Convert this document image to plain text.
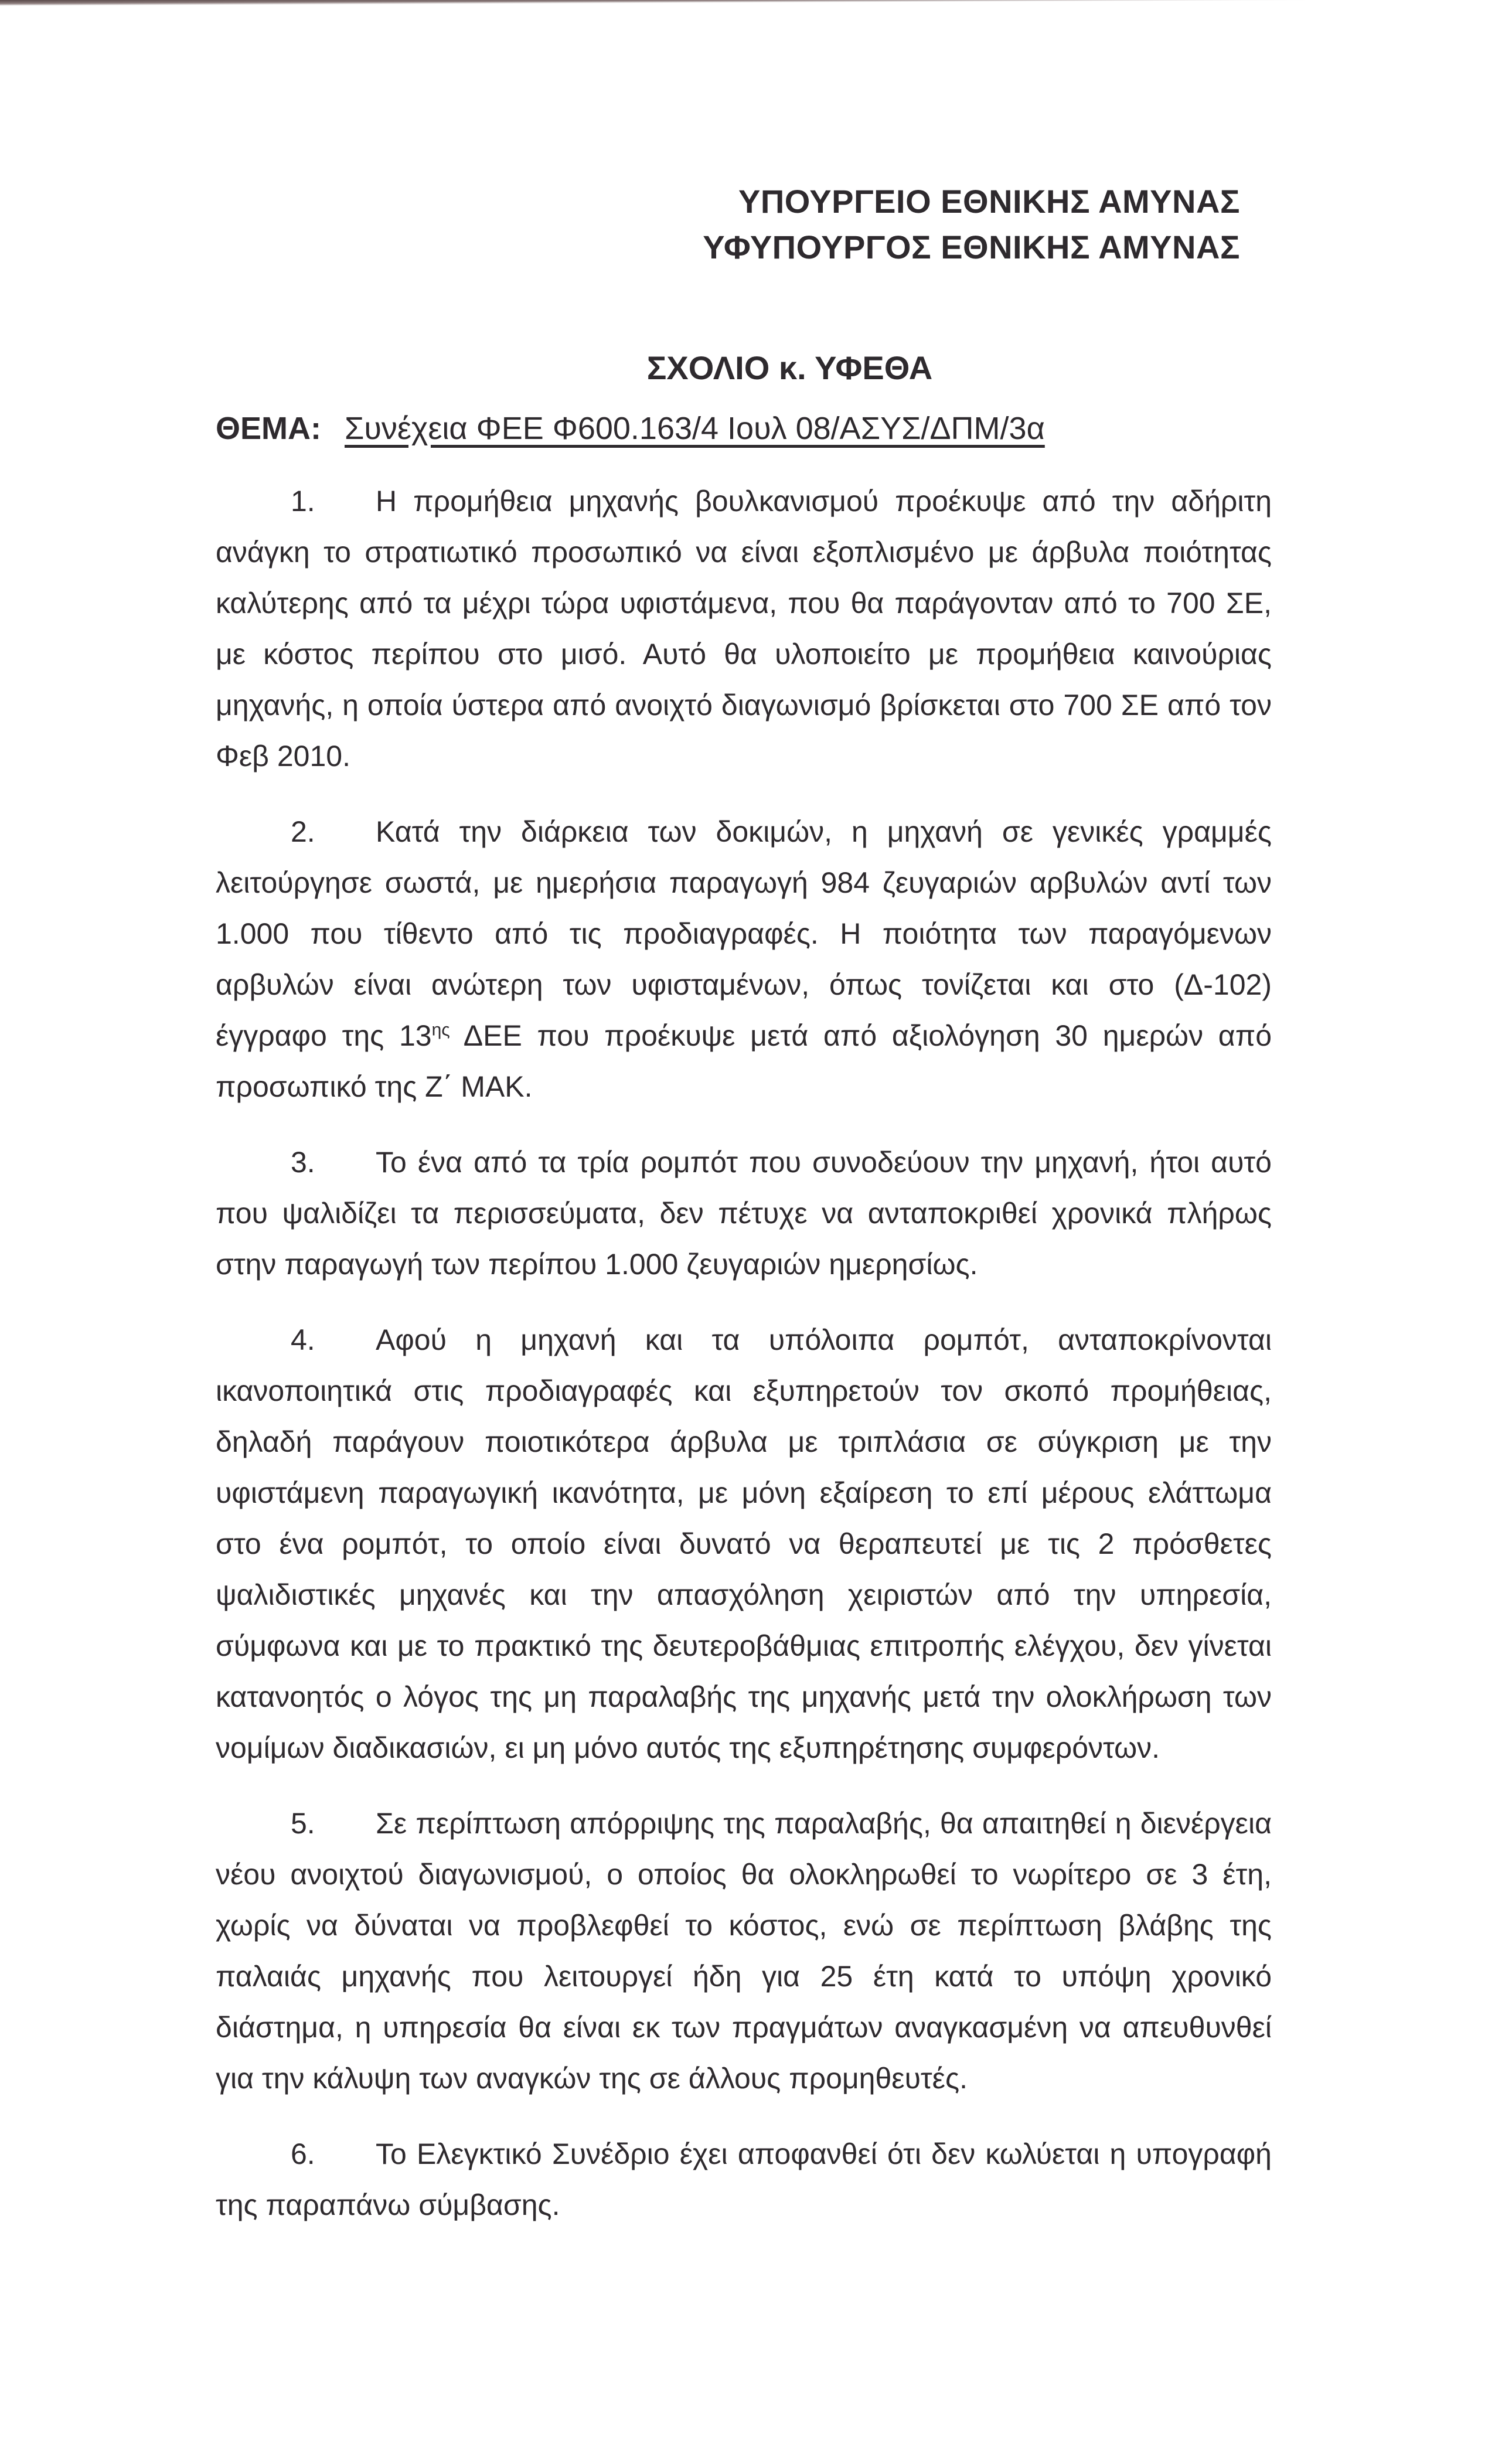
ΥΠΟΥΡΓΕΙΟ ΕΘΝΙΚΗΣ ΑΜΥΝΑΣ
ΥΦΥΠΟΥΡΓΟΣ ΕΘΝΙΚΗΣ ΑΜΥΝΑΣ
ΣΧΟΛΙΟ κ. ΥΦΕΘΑ
ΘΕΜΑ: Συνέχεια ΦΕΕ Φ600.163/4 Ιουλ 08/ΑΣΥΣ/ΔΠΜ/3α

1. Η προμήθεια μηχανής βουλκανισμού προέκυψε από την αδήριτη ανάγκη το στρατιωτικό προσωπικό να είναι εξοπλισμένο με άρβυλα ποιότητας καλύτερης από τα μέχρι τώρα υφιστάμενα, που θα παράγονταν από το 700 ΣΕ, με κόστος περίπου στο μισό. Αυτό θα υλοποιείτο με προμήθεια καινούριας μηχανής, η οποία ύστερα από ανοιχτό διαγωνισμό βρίσκεται στο 700 ΣΕ από τον Φεβ 2010.

2. Κατά την διάρκεια των δοκιμών, η μηχανή σε γενικές γραμμές λειτούργησε σωστά, με ημερήσια παραγωγή 984 ζευγαριών αρβυλών αντί των 1.000 που τίθεντο από τις προδιαγραφές. Η ποιότητα των παραγόμενων αρβυλών είναι ανώτερη των υφισταμένων, όπως τονίζεται και στο (Δ-102) έγγραφο της $13^{\eta\varsigma}$ ΔΕΕ που προέκυψε μετά από αξιολόγηση 30 ημερών από προσωπικό της Ζ΄ ΜΑΚ.

3. Το ένα από τα τρία ρομπότ που συνοδεύουν την μηχανή, ήτοι αυτό που ψαλιδίζει τα περισσεύματα, δεν πέτυχε να ανταποκριθεί χρονικά πλήρως στην παραγωγή των περίπου 1.000 ζευγαριών ημερησίως.

4. Αφού η μηχανή και τα υπόλοιπα ρομπότ, ανταποκρίνονται ικανοποιητικά στις προδιαγραφές και εξυπηρετούν τον σκοπό προμήθειας, δηλαδή παράγουν ποιοτικότερα άρβυλα με τριπλάσια σε σύγκριση με την υφιστάμενη παραγωγική ικανότητα, με μόνη εξαίρεση το επί μέρους ελάττωμα στο ένα ρομπότ, το οποίο είναι δυνατό να θεραπευτεί με τις 2 πρόσθετες ψαλιδιστικές μηχανές και την απασχόληση χειριστών από την υπηρεσία, σύμφωνα και με το πρακτικό της δευτεροβάθμιας επιτροπής ελέγχου, δεν γίνεται κατανοητός ο λόγος της μη παραλαβής της μηχανής μετά την ολοκλήρωση των νομίμων διαδικασιών, ει μη μόνο αυτός της εξυπηρέτησης συμφερόντων.

5. Σε περίπτωση απόρριψης της παραλαβής, θα απαιτηθεί η διενέργεια νέου ανοιχτού διαγωνισμού, ο οποίος θα ολοκληρωθεί το νωρίτερο σε 3 έτη, χωρίς να δύναται να προβλεφθεί το κόστος, ενώ σε περίπτωση βλάβης της παλαιάς μηχανής που λειτουργεί ήδη για 25 έτη κατά το υπόψη χρονικό διάστημα, η υπηρεσία θα είναι εκ των πραγμάτων αναγκασμένη να απευθυνθεί για την κάλυψη των αναγκών της σε άλλους προμηθευτές.

6. Το Ελεγκτικό Συνέδριο έχει αποφανθεί ότι δεν κωλύεται η υπογραφή της παραπάνω σύμβασης.
